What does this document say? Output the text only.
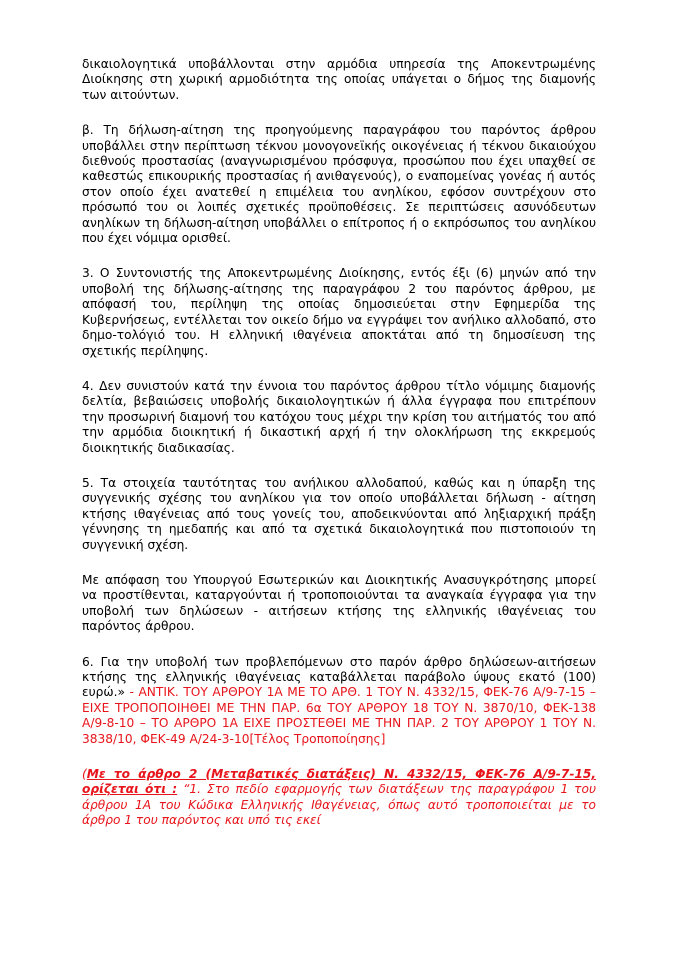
δικαιολογητικά υποβάλλονται στην αρμόδια υπηρεσία της Αποκεντρωμένης Διοίκησης στη χωρική αρμοδιότητα της οποίας υπάγεται ο δήμος της διαμονής των αιτούντων.

β. Τη δήλωση-αίτηση της προηγούμενης παραγράφου του παρόντος άρθρου υποβάλλει στην περίπτωση τέκνου μονογονεϊκής οικογένειας ή τέκνου δικαιούχου διεθνούς προστασίας (αναγνωρισμένου πρόσφυγα, προσώπου που έχει υπαχθεί σε καθεστώς επικουρικής προστασίας ή ανιθαγενούς), ο εναπομείνας γονέας ή αυτός στον οποίο έχει ανατεθεί η επιμέλεια του ανηλίκου, εφόσον συντρέχουν στο πρόσωπό του οι λοιπές σχετικές προϋποθέσεις. Σε περιπτώσεις ασυνόδευτων ανηλίκων τη δήλωση-αίτηση υποβάλλει ο επίτροπος ή ο εκπρόσωπος του ανηλίκου που έχει νόμιμα ορισθεί.

3. Ο Συντονιστής της Αποκεντρωμένης Διοίκησης, εντός έξι (6) μηνών από την υποβολή της δήλωσης-αίτησης της παραγράφου 2 του παρόντος άρθρου, με απόφασή του, περίληψη της οποίας δημοσιεύεται στην Εφημερίδα της Κυβερνήσεως, εντέλλεται τον οικείο δήμο να εγγράψει τον ανήλικο αλλοδαπό, στο δημο-τολόγιό του. Η ελληνική ιθαγένεια αποκτάται από τη δημοσίευση της σχετικής περίληψης.

4. Δεν συνιστούν κατά την έννοια του παρόντος άρθρου τίτλο νόμιμης διαμονής δελτία, βεβαιώσεις υποβολής δικαιολογητικών ή άλλα έγγραφα που επιτρέπουν την προσωρινή διαμονή του κατόχου τους μέχρι την κρίση του αιτήματός του από την αρμόδια διοικητική ή δικαστική αρχή ή την ολοκλήρωση της εκκρεμούς διοικητικής διαδικασίας.

5. Τα στοιχεία ταυτότητας του ανήλικου αλλοδαπού, καθώς και η ύπαρξη της συγγενικής σχέσης του ανηλίκου για τον οποίο υποβάλλεται δήλωση - αίτηση κτήσης ιθαγένειας από τους γονείς του, αποδεικνύονται από ληξιαρχική πράξη γέννησης τη ημεδαπής και από τα σχετικά δικαιολογητικά που πιστοποιούν τη συγγενική σχέση.

Με απόφαση του Υπουργού Εσωτερικών και Διοικητικής Ανασυγκρότησης μπορεί να προστίθενται, καταργούνται ή τροποποιούνται τα αναγκαία έγγραφα για την υποβολή των δηλώσεων - αιτήσεων κτήσης της ελληνικής ιθαγένειας του παρόντος άρθρου.

6. Για την υποβολή των προβλεπόμενων στο παρόν άρθρο δηλώσεων-αιτήσεων κτήσης της ελληνικής ιθαγένειας καταβάλλεται παράβολο ύψους εκατό (100) ευρώ.» - ΑΝΤΙΚ. ΤΟΥ ΑΡΘΡΟΥ 1Α ΜΕ ΤΟ ΑΡΘ. 1 ΤΟΥ Ν. 4332/15, ΦΕΚ-76 Α/9-7-15 – ΕΙΧΕ ΤΡΟΠΟΠΟΙΗΘΕΙ ΜΕ ΤΗΝ ΠΑΡ. 6α ΤΟΥ ΑΡΘΡΟΥ 18 ΤΟΥ Ν. 3870/10, ΦΕΚ-138 Α/9-8-10 – ΤΟ ΑΡΘΡΟ 1Α ΕΙΧΕ ΠΡΟΣΤΕΘΕΙ ΜΕ ΤΗΝ ΠΑΡ. 2 ΤΟΥ ΑΡΘΡΟΥ 1 ΤΟΥ Ν. 3838/10, ΦΕΚ-49 Α/24-3-10[Τέλος Τροποποίησης]

(Με το άρθρο 2 (Μεταβατικές διατάξεις) Ν. 4332/15, ΦΕΚ-76 Α/9-7-15, ορίζεται ότι : “1. Στο πεδίο εφαρμογής των διατάξεων της παραγράφου 1 του άρθρου 1Α του Κώδικα Ελληνικής Ιθαγένειας, όπως αυτό τροποποιείται με το άρθρο 1 του παρόντος και υπό τις εκεί
